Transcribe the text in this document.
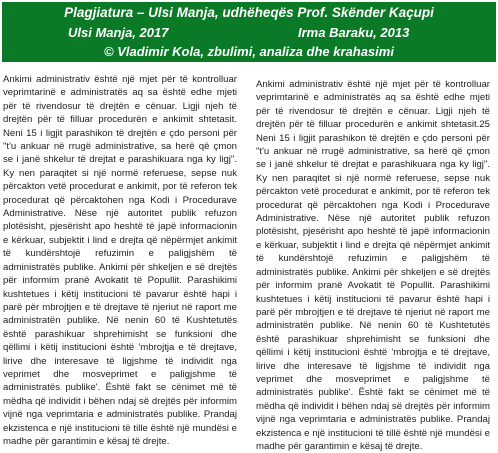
Plagjiatura – Ulsi Manja, udhëheqës Prof. Skënder Kaçupi
Ulsi Manja, 2017	Irma Baraku, 2013
© Vladimir Kola, zbulimi, analiza dhe krahasimi

Ankimi administrativ është një mjet për të kontrolluar veprimtarinë e administratës aq sa është edhe mjeti për të rivendosur të drejtën e cënuar. Ligji njeh të drejtën për të filluar procedurën e ankimit shtetasit. Neni 15 i ligjit parashikon të drejtën e çdo personi për "t'u ankuar në rrugë administrative, sa herë që çmon se i janë shkelur të drejtat e parashikuara nga ky ligj". Ky nen paraqitet si një normë referuese, sepse nuk përcakton vetë procedurat e ankimit, por të referon tek procedurat që përcaktohen nga Kodi i Procedurave Administrative. Nëse një autoritet publik refuzon plotësisht, pjesërisht apo heshtë të japë informacionin e kërkuar, subjektit i lind e drejta që nëpërmjet ankimit të kundërshtojë refuzimin e paligjshëm të administratës publike. Ankimi për shkeljen e së drejtës për informim pranë Avokatit të Popullit. Parashikimi kushtetues i këtij institucioni të pavarur është hapi i parë për mbrojtjen e të drejtave të njeriut në raport me administratën publike. Në nenin 60 të Kushtetutës është parashikuar shprehimisht se funksioni dhe qëllimi i këtij institucioni është 'mbrojtja e të drejtave, lirive dhe interesave të ligjshme të individit nga veprimet dhe mosveprimet e paligjshme të administratës publike'. Është fakt se cënimet më të mëdha që individit i bëhen ndaj së drejtës për informim vijnë nga veprimtaria e administratës publike. Prandaj ekzistenca e një institucioni të tille është një mundësi e madhe për garantimin e kësaj të drejte.

Ankimi administrativ është një mjet për të kontrolluar veprimtarinë e administratës aq sa është edhe mjeti për të rivendosur të drejtën e cënuar. Ligji njeh të drejtën për të filluar procedurën e ankimit shtetasit.25 Neni 15 i ligjit parashikon të drejtën e çdo personi për "t'u ankuar në rrugë administrative, sa herë që çmon se i janë shkelur të drejtat e parashikuara nga ky ligj". Ky nen paraqitet si një normë referuese, sepse nuk përcakton vetë procedurat e ankimit, por të referon tek procedurat që përcaktohen nga Kodi i Procedurave Administrative. Nëse një autoritet publik refuzon plotësisht, pjesërisht apo heshtë të japë informacionin e kërkuar, subjektit i lind e drejta që nëpërmjet ankimit të kundërshtojë refuzimin e paligjshëm të administratës publike. Ankimi për shkeljen e së drejtës për informim pranë Avokatit të Popullit. Parashikimi kushtetues i këtij institucioni të pavarur është hapi i parë për mbrojtjen e të drejtave të njeriut në raport me administratën publike. Në nenin 60 të Kushtetutës është parashikuar shprehimisht se funksioni dhe qëllimi i këtij institucioni është 'mbrojtja e të drejtave, lirive dhe interesave të ligjshme të individit nga veprimet dhe mosveprimet e paligjshme të administratës publike'. Është fakt se cënimet më të mëdha që individit i bëhen ndaj së drejtës për informim vijnë nga veprimtaria e administratës publike. Prandaj ekzistenca e një institucioni të tillë është një mundësi e madhe për garantimin e kësaj të drejte.
